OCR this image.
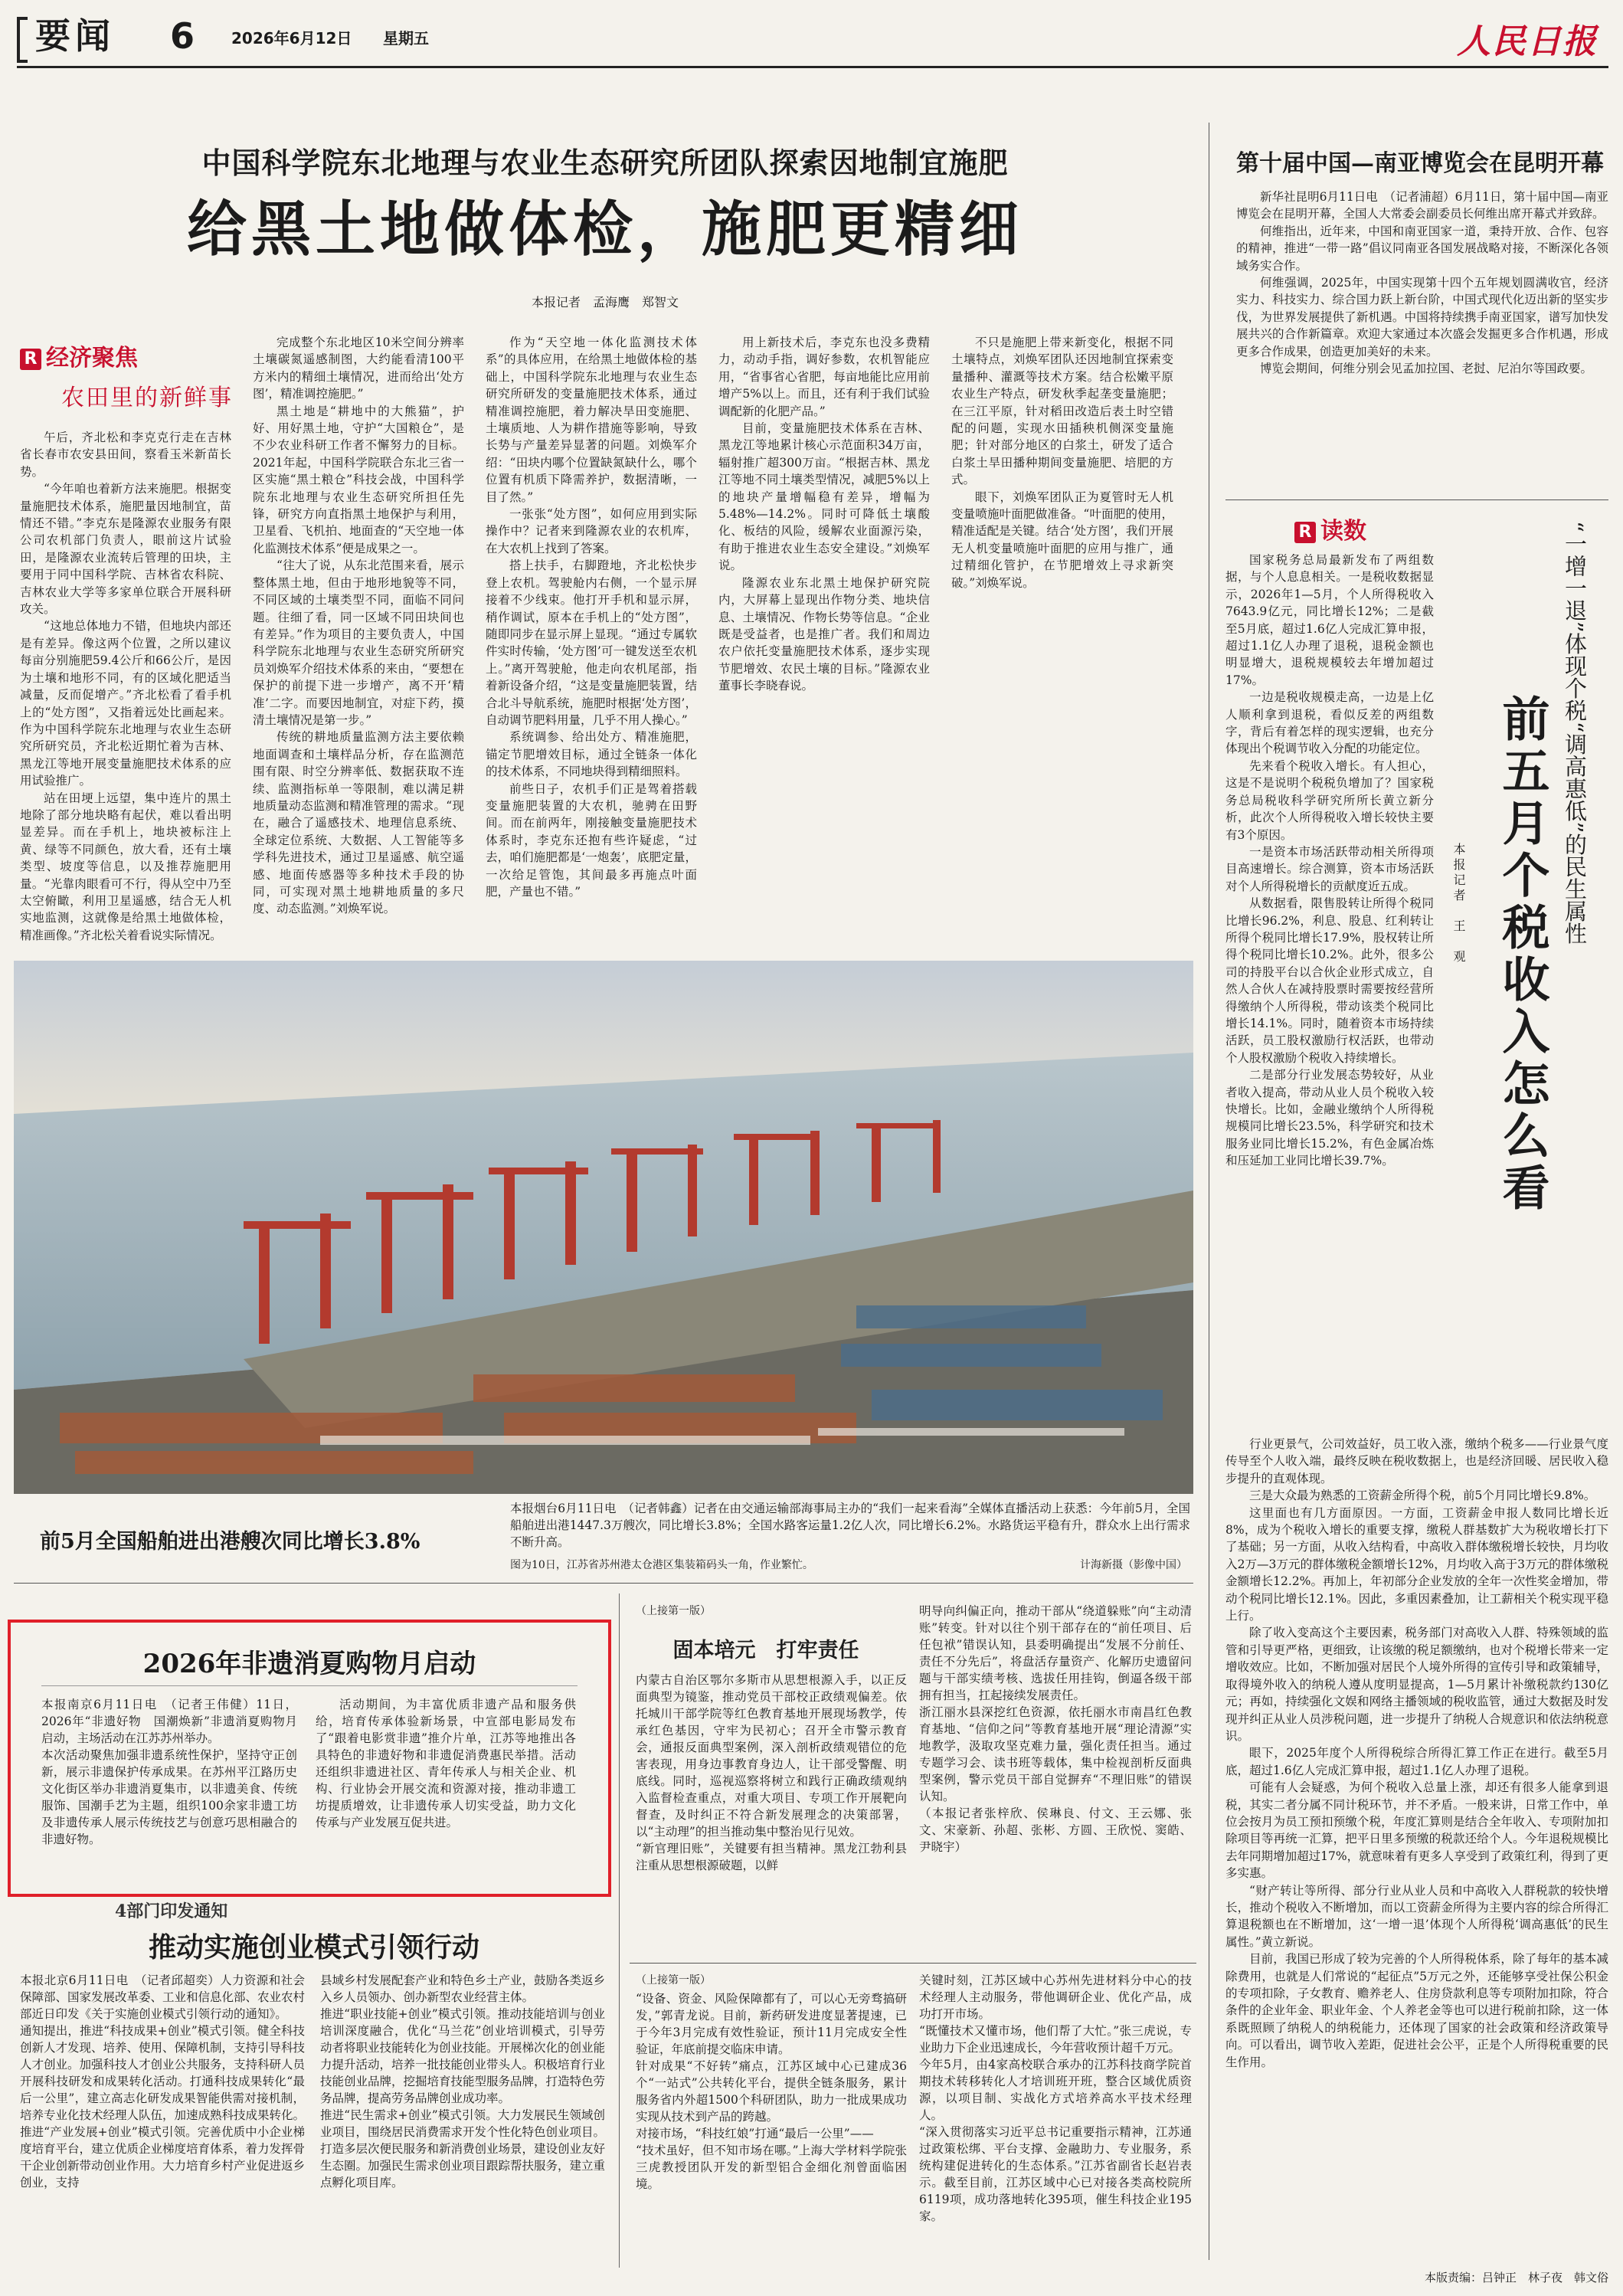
要闻 6 2026年6月12日 星期五	人民日报
中国科学院东北地理与农业生态研究所团队探索因地制宜施肥
给黑土地做体检，施肥更精细
本报记者　孟海鹰　郑智文
R 经济聚焦
农田里的新鲜事

午后，齐北松和李克克行走在吉林省长春市农安县田间，察看玉米新苗长势。

“今年咱也着新方法来施肥。根据变量施肥技术体系，施肥量因地制宜，苗情还不错。”李克东是隆源农业服务有限公司农机部门负责人，眼前这片试验田，是隆源农业流转后管理的田块，主要用于同中国科学院、吉林省农科院、吉林农业大学等多家单位联合开展科研攻关。

“这地总体地力不错，但地块内部还是有差异。像这两个位置，之所以建议每亩分别施肥59.4公斤和66公斤，是因为土壤和地形不同，有的区域化肥适当减量，反而促增产。”齐北松看了看手机上的“处方图”，又指着远处比画起来。作为中国科学院东北地理与农业生态研究所研究员，齐北松近期忙着为吉林、黑龙江等地开展变量施肥技术体系的应用试验推广。

站在田埂上远望，集中连片的黑土地除了部分地块略有起伏，难以看出明显差异。而在手机上，地块被标注上黄、绿等不同颜色，放大看，还有土壤类型、坡度等信息，以及推荐施肥用量。“光靠肉眼看可不行，得从空中乃至太空俯瞰，利用卫星遥感，结合无人机实地监测，这就像是给黑土地做体检，精准画像。”齐北松关着看说实际情况。

完成整个东北地区10米空间分辨率土壤碳氮遥感制图，大约能看清100平方米内的精细土壤情况，进而给出‘处方图’，精准调控施肥。”

黑土地是“耕地中的大熊猫”，护好、用好黑土地，守护“大国粮仓”，是不少农业科研工作者不懈努力的目标。2021年起，中国科学院联合东北三省一区实施“黑土粮仓”科技会战，中国科学院东北地理与农业生态研究所担任先锋，研究方向直指黑土地保护与利用，卫星看、飞机拍、地面查的“天空地一体化监测技术体系”便是成果之一。

“往大了说，从东北范围来看，展示整体黑土地，但由于地形地貌等不同，不同区域的土壤类型不同，面临不同问题。往细了看，同一区域不同田块间也有差异。”作为项目的主要负责人，中国科学院东北地理与农业生态研究所研究员刘焕军介绍技术体系的来由，“要想在保护的前提下进一步增产，离不开‘精准’二字。而要因地制宜，对症下药，摸清土壤情况是第一步。”

传统的耕地质量监测方法主要依赖地面调查和土壤样品分析，存在监测范围有限、时空分辨率低、数据获取不连续、监测指标单一等限制，难以满足耕地质量动态监测和精准管理的需求。“现在，融合了遥感技术、地理信息系统、全球定位系统、大数据、人工智能等多学科先进技术，通过卫星遥感、航空遥感、地面传感器等多种技术手段的协同，可实现对黑土地耕地质量的多尺度、动态监测。”刘焕军说。

作为“天空地一体化监测技术体系”的具体应用，在给黑土地做体检的基础上，中国科学院东北地理与农业生态研究所研发的变量施肥技术体系，通过精准调控施肥，着力解决旱田变施肥、土壤质地、人为耕作措施等影响，导致长势与产量差异显著的问题。刘焕军介绍：“田块内哪个位置缺氮缺什么，哪个位置有机质下降需养护，数据清晰，一目了然。”

一张张“处方图”，如何应用到实际操作中？记者来到隆源农业的农机库，在大农机上找到了答案。

搭上扶手，右脚蹬地，齐北松快步登上农机。驾驶舱内右侧，一个显示屏接着不少线束。他打开手机和显示屏，稍作调试，原本在手机上的“处方图”，随即同步在显示屏上显现。“通过专属软件实时传输，‘处方图’可一键发送至农机上。”离开驾驶舱，他走向农机尾部，指着新设备介绍，“这是变量施肥装置，结合北斗导航系统，施肥时根据‘处方图’，自动调节肥料用量，几乎不用人操心。”

系统调参、给出处方、精准施肥，锚定节肥增效目标，通过全链条一体化的技术体系，不同地块得到精细照料。

前些日子，农机手们正是驾着搭载变量施肥装置的大农机，驰骋在田野间。而在前两年，刚接触变量施肥技术体系时，李克东还抱有些许疑虑，“过去，咱们施肥都是‘一炮轰’，底肥定量，一次给足管饱，其间最多再施点叶面肥，产量也不错。”

用上新技术后，李克东也没多费精力，动动手指，调好参数，农机智能应用，“省事省心省肥，每亩地能比应用前增产5%以上。而且，还有利于我们试验调配新的化肥产品。”

目前，变量施肥技术体系在吉林、黑龙江等地累计核心示范面积34万亩，辐射推广超300万亩。“根据吉林、黑龙江等地不同土壤类型情况，减肥5%以上的地块产量增幅稳有差异，增幅为5.48%—14.2%。同时可降低土壤酸化、板结的风险，缓解农业面源污染，有助于推进农业生态安全建设。”刘焕军说。

隆源农业东北黑土地保护研究院内，大屏幕上显现出作物分类、地块信息、土壤情况、作物长势等信息。“企业既是受益者，也是推广者。我们和周边农户依托变量施肥技术体系，逐步实现节肥增效、农民土壤的目标。”隆源农业董事长李晓春说。

不只是施肥上带来新变化，根据不同土壤特点，刘焕军团队还因地制宜探索变量播种、灌溉等技术方案。结合松嫩平原农业生产特点，研发秋季起垄变量施肥；在三江平原，针对稻田改造后表土时空错配的问题，实现水田插秧机侧深变量施肥；针对部分地区的白浆土，研发了适合白浆土旱田播种期间变量施肥、培肥的方式。

眼下，刘焕军团队正为夏管时无人机变量喷施叶面肥做准备。“叶面肥的使用，精准适配是关键。结合‘处方图’，我们开展无人机变量喷施叶面肥的应用与推广，通过精细化管护，在节肥增效上寻求新突破。”刘焕军说。

前5月全国船舶进出港艘次同比增长3.8%
本报烟台6月11日电　（记者韩鑫）记者在由交通运输部海事局主办的“我们一起来看海”全媒体直播活动上获悉：今年前5月，全国船舶进出港1447.3万艘次，同比增长3.8%；全国水路客运量1.2亿人次，同比增长6.2%。水路货运平稳有升，群众水上出行需求不断升高。
图为10日，江苏省苏州港太仓港区集装箱码头一角，作业繁忙。	计海新摄（影像中国）
第十届中国—南亚博览会在昆明开幕

新华社昆明6月11日电　（记者浦超）6月11日，第十届中国—南亚博览会在昆明开幕，全国人大常委会副委员长何维出席开幕式并致辞。

何维指出，近年来，中国和南亚国家一道，秉持开放、合作、包容的精神，推进“一带一路”倡议同南亚各国发展战略对接，不断深化各领域务实合作。

何维强调，2025年，中国实现第十四个五年规划圆满收官，经济实力、科技实力、综合国力跃上新台阶，中国式现代化迈出新的坚实步伐，为世界发展提供了新机遇。中国将持续携手南亚国家，谱写加快发展共兴的合作新篇章。欢迎大家通过本次盛会发掘更多合作机遇，形成更多合作成果，创造更加美好的未来。

博览会期间，何维分别会见孟加拉国、老挝、尼泊尔等国政要。

R 读数	“一增一退”体现个税“调高惠低”的民生属性
前五月个税收入怎么看
本报记者　王　观

国家税务总局最新发布了两组数据，与个人息息相关。一是税收数据显示，2026年1—5月，个人所得税收入7643.9亿元，同比增长12%；二是截至5月底，超过1.6亿人完成汇算申报，超过1.1亿人办理了退税，退税金额也明显增大，退税规模较去年增加超过17%。

一边是税收规模走高，一边是上亿人顺利拿到退税，看似反差的两组数字，背后有着怎样的现实逻辑，也充分体现出个税调节收入分配的功能定位。

先来看个税收入增长。有人担心，这是不是说明个税税负增加了？国家税务总局税收科学研究所所长黄立新分析，此次个人所得税收入增长较快主要有3个原因。

一是资本市场活跃带动相关所得项目高速增长。综合测算，资本市场活跃对个人所得税增长的贡献度近五成。

从数据看，限售股转让所得个税同比增长96.2%，利息、股息、红利转让所得个税同比增长17.9%，股权转让所得个税同比增长10.2%。此外，很多公司的持股平台以合伙企业形式成立，自然人合伙人在减持股票时需要按经营所得缴纳个人所得税，带动该类个税同比增长14.1%。同时，随着资本市场持续活跃，员工股权激励行权活跃，也带动个人股权激励个税收入持续增长。

二是部分行业发展态势较好，从业者收入提高，带动从业人员个税收入较快增长。比如，金融业缴纳个人所得税规模同比增长23.5%，科学研究和技术服务业同比增长15.2%，有色金属冶炼和压延加工业同比增长39.7%。

行业更景气，公司效益好，员工收入涨，缴纳个税多——行业景气度传导至个人收入端，最终反映在税收数据上，也是经济回暖、居民收入稳步提升的直观体现。

三是大众最为熟悉的工资薪金所得个税，前5个月同比增长9.8%。

这里面也有几方面原因。一方面，工资薪金申报人数同比增长近8%，成为个税收入增长的重要支撑，缴税人群基数扩大为税收增长打下了基础；另一方面，从收入结构看，中高收入群体缴税增长较快，月均收入2万—3万元的群体缴税金额增长12%，月均收入高于3万元的群体缴税金额增长12.2%。再加上，年初部分企业发放的全年一次性奖金增加，带动个税同比增长12.1%。因此，多重因素叠加，让工薪相关个税实现平稳上行。

除了收入变高这个主要因素，税务部门对高收入人群、特殊领域的监管和引导更严格，更细致，让该缴的税足额缴纳，也对个税增长带来一定增收效应。比如，不断加强对居民个人境外所得的宣传引导和政策辅导，取得境外收入的纳税人遵从度明显提高，1—5月累计补缴税款约130亿元；再如，持续强化文娱和网络主播领域的税收监管，通过大数据及时发现并纠正从业人员涉税问题，进一步提升了纳税人合规意识和依法纳税意识。

眼下，2025年度个人所得税综合所得汇算工作正在进行。截至5月底，超过1.6亿人完成汇算申报，超过1.1亿人办理了退税。

可能有人会疑惑，为何个税收入总量上涨，却还有很多人能拿到退税，其实二者分属不同计税环节，并不矛盾。一般来讲，日常工作中，单位会按月为员工预扣预缴个税，年度汇算则是结合全年收入、专项附加扣除项目等再统一汇算，把平日里多预缴的税款还给个人。今年退税规模比去年同期增加超过17%，就意味着有更多人享受到了政策红利，得到了更多实惠。

“财产转让等所得、部分行业从业人员和中高收入人群税款的较快增长，推动个税收入不断增加，而以工资薪金所得为主要内容的综合所得汇算退税额也在不断增加，这‘一增一退’体现个人所得税‘调高惠低’的民生属性。”黄立新说。

目前，我国已形成了较为完善的个人所得税体系，除了每年的基本减除费用，也就是人们常说的“起征点”5万元之外，还能够享受社保公积金的专项扣除，子女教育、赡养老人、住房贷款利息等专项附加扣除，符合条件的企业年金、职业年金、个人养老金等也可以进行税前扣除，这一体系既照顾了纳税人的纳税能力，还体现了国家的社会政策和经济政策导向。可以看出，调节收入差距，促进社会公平，正是个人所得税重要的民生作用。

2026年非遗消夏购物月启动
本报南京6月11日电　（记者王伟健）11日，2026年“非遗好物　国潮焕新”非遗消夏购物月启动，主场活动在江苏苏州举办。
本次活动聚焦加强非遗系统性保护，坚持守正创新，展示非遗保护传承成果。在苏州平江路历史文化街区举办非遗消夏集市，以非遗美食、传统服饰、国潮手艺为主题，组织100余家非遗工坊及非遗传承人展示传统技艺与创意巧思相融合的非遗好物。
活动期间，为丰富优质非遗产品和服务供给，培育传承体验新场景，中宣部电影局发布了“跟着电影赏非遗”推介片单，江苏等地推出各具特色的非遗好物和非遗促消费惠民举措。活动还组织非遗进社区、青年传承人与相关企业、机构、行业协会开展交流和资源对接，推动非遗工坊提质增效，让非遗传承人切实受益，助力文化传承与产业发展互促共进。
4部门印发通知
推动实施创业模式引领行动
本报北京6月11日电　（记者邱超奕）人力资源和社会保障部、国家发展改革委、工业和信息化部、农业农村部近日印发《关于实施创业模式引领行动的通知》。
通知提出，推进“科技成果+创业”模式引领。健全科技创新人才发现、培养、使用、保障机制，支持引导科技人才创业。加强科技人才创业公共服务，支持科研人员开展科技研发和成果转化活动。打通科技成果转化“最后一公里”，建立高志化研发成果智能供需对接机制，培养专业化技术经理人队伍，加速成熟科技成果转化。
推进“产业发展+创业”模式引领。完善优质中小企业梯度培育平台，建立优质企业梯度培育体系，着力发挥骨干企业创新带动创业作用。大力培育乡村产业促进返乡创业，支持
县域乡村发展配套产业和特色乡土产业，鼓励各类返乡入乡人员领办、创办新型农业经营主体。
推进“职业技能+创业”模式引领。推动技能培训与创业培训深度融合，优化“马兰花”创业培训模式，引导劳动者将职业技能转化为创业技能。开展梯次化的创业能力提升活动，培养一批技能创业带头人。积极培育行业技能创业品牌，挖掘培育技能型服务品牌，打造特色劳务品牌，提高劳务品牌创业成功率。
推进“民生需求+创业”模式引领。大力发展民生领域创业项目，围绕居民消费需求开发个性化特色创业项目。打造多层次便民服务和新消费创业场景，建设创业友好生态圈。加强民生需求创业项目跟踪帮扶服务，建立重点孵化项目库。
（上接第一版）
固本培元　打牢责任
内蒙古自治区鄂尔多斯市从思想根源入手，以正反面典型为镜鉴，推动党员干部校正政绩观偏差。依托城川干部学院等红色教育基地开展现场教学，传承红色基因，守牢为民初心；召开全市警示教育会，通报反面典型案例，深入剖析政绩观错位的危害表现，用身边事教育身边人，让干部受警醒、明底线。同时，巡视巡察将树立和践行正确政绩观纳入监督检查重点，对重大项目、专项工作开展靶向督查，及时纠正不符合新发展理念的决策部署，以“主动理”的担当推动集中整治见行见效。
“新官理旧账”，关键要有担当精神。黑龙江勃利县注重从思想根源破题，以鲜
明导向纠偏正向，推动干部从“绕道躲账”向“主动清账”转变。针对以往个别干部存在的“前任项目、后任包袱”错误认知，县委明确提出“发展不分前任、责任不分先后”，将盘活存量资产、化解历史遗留问题与干部实绩考核、选拔任用挂钩，倒逼各级干部拥有担当，扛起接续发展责任。
浙江丽水县深挖红色资源，依托丽水市南昌红色教育基地、“信仰之问”等教育基地开展“理论清源”实地教学，汲取攻坚克难力量，强化责任担当。通过专题学习会、读书班等载体，集中检视剖析反面典型案例，警示党员干部自觉摒弃“不理旧账”的错误认知。
（本报记者张梓欣、侯琳良、付文、王云娜、张文、宋豪新、孙超、张彬、方圆、王欣悦、窦皓、尹晓宇）
（上接第一版）
“设备、资金、风险保障都有了，可以心无旁骛搞研发，”郭青龙说。目前，新药研发进度显著提速，已于今年3月完成有效性验证，预计11月完成安全性验证，年底前提交临床申请。
针对成果“不好转”痛点，江苏区域中心已建成36个“一站式”公共转化平台，提供全链条服务，累计服务省内外超1500个科研团队，助力一批成果成功实现从技术到产品的跨越。
对接市场，“科技红娘”打通“最后一公里”——
“技术虽好，但不知市场在哪。”上海大学材料学院张三虎教授团队开发的新型铝合金细化剂曾面临困境。
关键时刻，江苏区域中心苏州先进材料分中心的技术经理人主动服务，带他调研企业、优化产品，成功打开市场。
“既懂技术又懂市场，他们帮了大忙。”张三虎说，专业助力下企业迅速成长，今年营收预计超千万元。
今年5月，由4家高校联合承办的江苏科技商学院首期技术转移转化人才培训班开班，整合区域优质资源，以项目制、实战化方式培养高水平技术经理人。
“深入贯彻落实习近平总书记重要指示精神，江苏通过政策松绑、平台支撑、金融助力、专业服务，系统构建促进转化的生态体系。”江苏省副省长赵岩表示。截至目前，江苏区域中心已对接各类高校院所6119项，成功落地转化395项，催生科技企业195家。
本版责编：吕钟正　林子夜　韩文俗
